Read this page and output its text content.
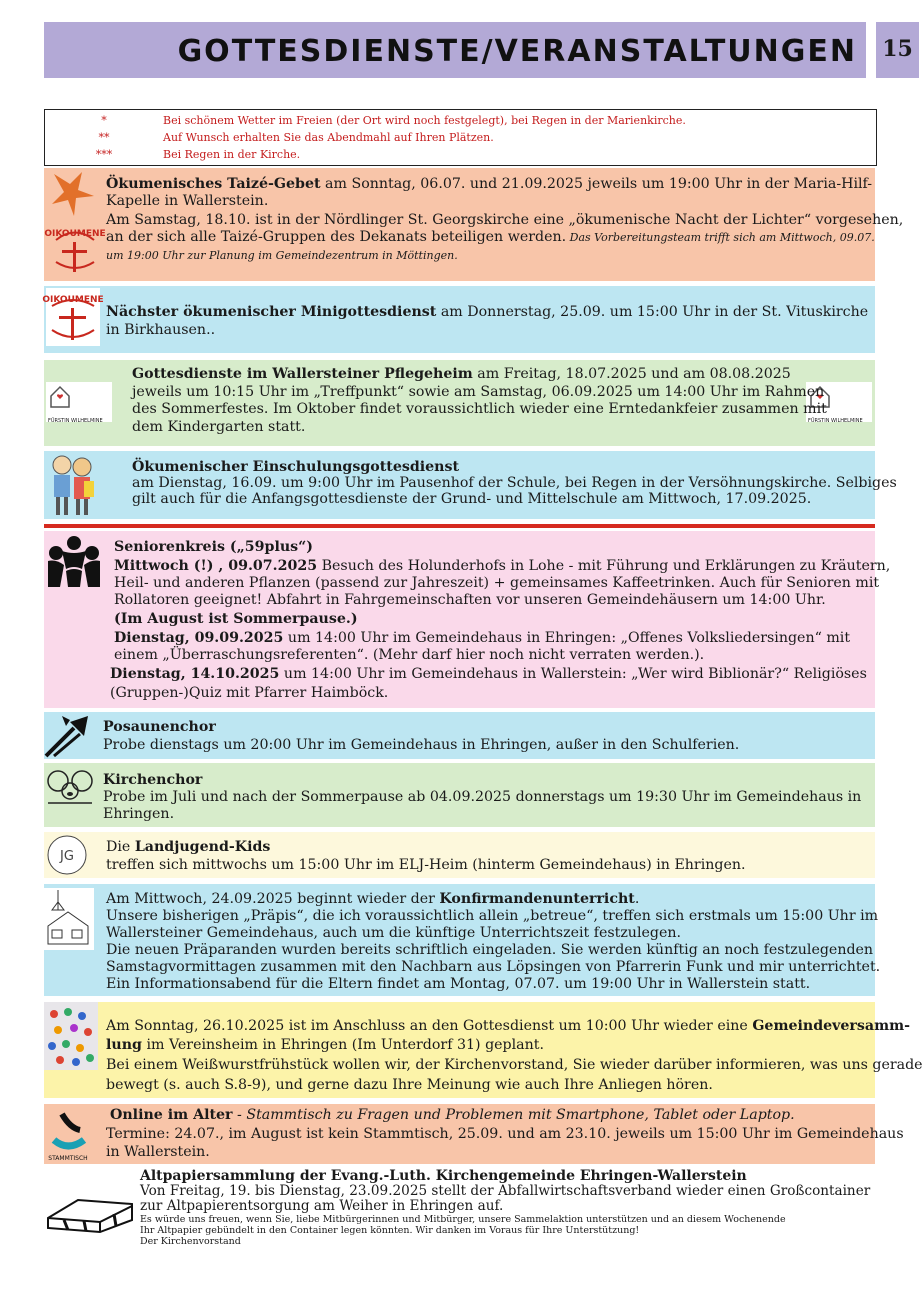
GOTTESDIENSTE/VERANSTALTUNGEN 15
*	Bei schönem Wetter im Freien (der Ort wird noch festgelegt), bei Regen in der Marienkirche.
**	Auf Wunsch erhalten Sie das Abendmahl auf Ihren Plätzen.
***	Bei Regen in der Kirche.
OIKOUMENE

Ökumenisches Taizé-Gebet am Sonntag, 06.07. und 21.09.2025 jeweils um 19:00 Uhr in der Maria-Hilf-

Kapelle in Wallerstein.

Am Samstag, 18.10. ist in der Nördlinger St. Georgskirche eine „ökumenische Nacht der Lichter“ vorgesehen,

an der sich alle Taizé-Gruppen des Dekanats beteiligen werden. Das Vorbereitungsteam trifft sich am Mittwoch, 09.07.

um 19:00 Uhr zur Planung im Gemeindezentrum in Möttingen.

OIKOUMENE

Nächster ökumenischer Minigottesdienst am Donnerstag, 25.09. um 15:00 Uhr in der St. Vituskirche

in Birkhausen..

FÜRSTIN WILHELMINE	FÜRSTIN WILHELMINE

Gottesdienste im Wallersteiner Pflegeheim am Freitag, 18.07.2025 und am 08.08.2025

jeweils um 10:15 Uhr im „Treffpunkt“ sowie am Samstag, 06.09.2025 um 14:00 Uhr im Rahmen

des Sommerfestes. Im Oktober findet voraussichtlich wieder eine Erntedankfeier zusammen mit

dem Kindergarten statt.

Ökumenischer Einschulungsgottesdienst

am Dienstag, 16.09. um 9:00 Uhr im Pausenhof der Schule, bei Regen in der Versöhnungskirche. Selbiges

gilt auch für die Anfangsgottesdienste der Grund- und Mittelschule am Mittwoch, 17.09.2025.

Seniorenkreis („59plus“)

Mittwoch (!) , 09.07.2025 Besuch des Holunderhofs in Lohe - mit Führung und Erklärungen zu Kräutern,

Heil- und anderen Pflanzen (passend zur Jahreszeit) + gemeinsames Kaffeetrinken. Auch für Senioren mit

Rollatoren geeignet! Abfahrt in Fahrgemeinschaften vor unseren Gemeindehäusern um 14:00 Uhr.

(Im August ist Sommerpause.)

Dienstag, 09.09.2025 um 14:00 Uhr im Gemeindehaus in Ehringen: „Offenes Volksliedersingen“ mit

einem „Überraschungsreferenten“. (Mehr darf hier noch nicht verraten werden.).

Dienstag, 14.10.2025 um 14:00 Uhr im Gemeindehaus in Wallerstein: „Wer wird Biblionär?“ Religiöses

(Gruppen-)Quiz mit Pfarrer Haimböck.

Posaunenchor

Probe dienstags um 20:00 Uhr im Gemeindehaus in Ehringen, außer in den Schulferien.

Kirchenchor

Probe im Juli und nach der Sommerpause ab 04.09.2025 donnerstags um 19:30 Uhr im Gemeindehaus in

Ehringen.

JG

Die Landjugend-Kids

treffen sich mittwochs um 15:00 Uhr im ELJ-Heim (hinterm Gemeindehaus) in Ehringen.

Am Mittwoch, 24.09.2025 beginnt wieder der Konfirmandenunterricht.

Unsere bisherigen „Präpis“, die ich voraussichtlich allein „betreue“, treffen sich erstmals um 15:00 Uhr im

Wallersteiner Gemeindehaus, auch um die künftige Unterrichtszeit festzulegen.

Die neuen Präparanden wurden bereits schriftlich eingeladen. Sie werden künftig an noch festzulegenden

Samstagvormittagen zusammen mit den Nachbarn aus Löpsingen von Pfarrerin Funk und mir unterrichtet.

Ein Informationsabend für die Eltern findet am Montag, 07.07. um 19:00 Uhr in Wallerstein statt.

Am Sonntag, 26.10.2025 ist im Anschluss an den Gottesdienst um 10:00 Uhr wieder eine Gemeindeversamm-

lung im Vereinsheim in Ehringen (Im Unterdorf 31) geplant.

Bei einem Weißwurstfrühstück wollen wir, der Kirchenvorstand, Sie wieder darüber informieren, was uns gerade

bewegt (s. auch S.8-9), und gerne dazu Ihre Meinung wie auch Ihre Anliegen hören.

STAMMTISCH

Online im Alter - Stammtisch zu Fragen und Problemen mit Smartphone, Tablet oder Laptop.

Termine: 24.07., im August ist kein Stammtisch, 25.09. und am 23.10. jeweils um 15:00 Uhr im Gemeindehaus

in Wallerstein.

Altpapiersammlung der Evang.-Luth. Kirchengemeinde Ehringen-Wallerstein

Von Freitag, 19. bis Dienstag, 23.09.2025 stellt der Abfallwirtschaftsverband wieder einen Großcontainer

zur Altpapierentsorgung am Weiher in Ehringen auf.

Es würde uns freuen, wenn Sie, liebe Mitbürgerinnen und Mitbürger, unsere Sammelaktion unterstützen und an diesem Wochenende

Ihr Altpapier gebündelt in den Container legen könnten. Wir danken im Voraus für Ihre Unterstützung!

Der Kirchenvorstand
